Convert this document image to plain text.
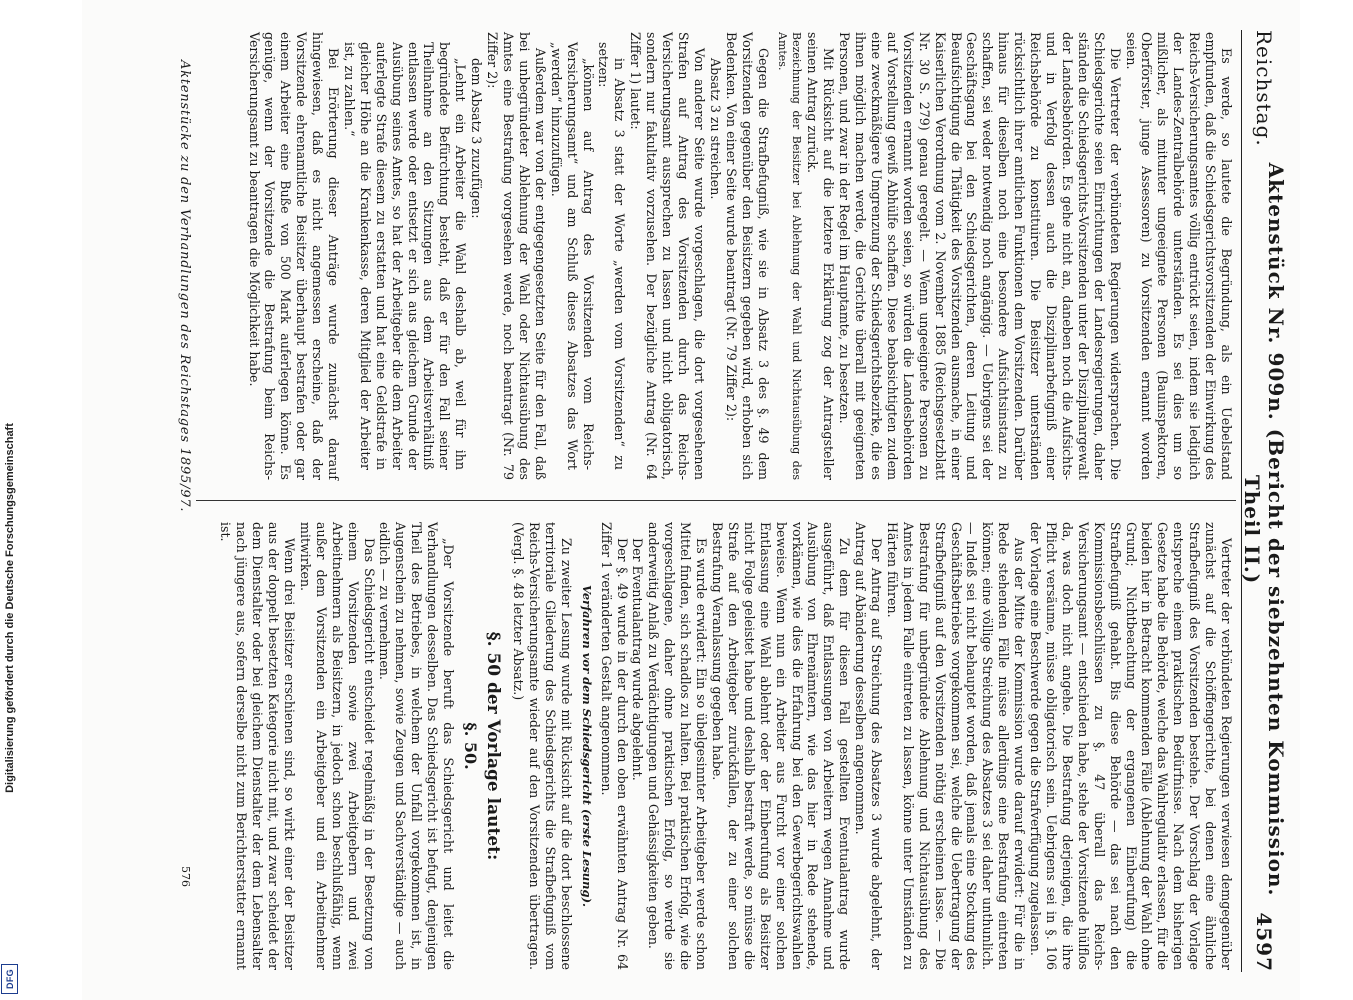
Reichstag.
Aktenstück Nr. 909n. (Bericht der siebzehnten Kommission. Theil II.)
4597

Es werde, so lautete die Begründung, als ein Uebelstand empfunden, daß die Schiedsgerichtsvorsitzenden der Einwirkung des Reichs-Versicherungsamtes völlig entrückt seien, indem sie lediglich der Landes-Zentralbehörde unterständen. Es sei dies um so mißlicher, als mitunter ungeeignete Personen (Bauinspektoren, Oberförster, junge Assessoren) zu Vorsitzenden ernannt worden seien.

Die Vertreter der verbündeten Regierungen widersprachen. Die Schiedsgerichte seien Einrichtungen der Landesregierungen, daher ständen die Schiedsgerichts-Vorsitzenden unter der Disziplinargewalt der Landesbehörden. Es gehe nicht an, daneben noch die Aufsichts- und in Verfolg dessen auch die Disziplinarbefugniß einer Reichsbehörde zu konstituiren. Die Beisitzer unterständen rücksichtlich ihrer amtlichen Funktionen dem Vorsitzenden. Darüber hinaus für dieselben noch eine besondere Aufsichtsinstanz zu schaffen, sei weder notwendig noch angängig. — Uebrigens sei der Geschäftsgang bei den Schiedsgerichten, deren Leitung und Beaufsichtigung die Thätigkeit des Vorsitzenden ausmache, in einer Kaiserlichen Verordnung vom 2. November 1885 (Reichsgesetzblatt Nr. 30 S. 279) genau geregelt. — Wenn ungeeignete Personen zu Vorsitzenden ernannt worden seien, so würden die Landesbehörden auf Vorstellung gewiß Abhülfe schaffen. Diese beabsichtigten zudem eine zweckmäßigere Umgrenzung der Schiedsgerichtsbezirke, die es ihnen möglich machen werde, die Gerichte überall mit geeigneten Personen, und zwar in der Regel im Hauptamte, zu besetzen.

Mit Rücksicht auf die letztere Erklärung zog der Antragsteller seinen Antrag zurück.

Bezeichnung der Beisitzer bei Ablehnung der Wahl und Nichtausübung des Amtes.

Gegen die Strafbefugniß, wie sie in Absatz 3 des §. 49 dem Vorsitzenden gegenüber den Beisitzern gegeben wird, erhoben sich Bedenken. Von einer Seite wurde beantragt (Nr. 79 Ziffer 2):

Absatz 3 zu streichen.

Von anderer Seite wurde vorgeschlagen, die dort vorgesehenen Strafen auf Antrag des Vorsitzenden durch das Reichs-Versicherungsamt aussprechen zu lassen und nicht obligatorisch, sondern nur fakultativ vorzusehen. Der bezügliche Antrag (Nr. 64 Ziffer 1) lautet:

in Absatz 3 statt der Worte „werden vom Vorsitzenden“ zu setzen:

„können auf Antrag des Vorsitzenden vom Reichs-Versicherungsamt“ und am Schluß dieses Absatzes das Wort „werden“ hinzuzufügen.

Außerdem war von der entgegengesetzten Seite für den Fall, daß bei unbegründeter Ablehnung der Wahl oder Nichtausübung des Amtes eine Bestrafung vorgesehen werde, noch beantragt (Nr. 79 Ziffer 2):

dem Absatz 3 zuzufügen:

„Lehnt ein Arbeiter die Wahl deshalb ab, weil für ihn begründete Befürchtung besteht, daß er für den Fall seiner Theilnahme an den Sitzungen aus dem Arbeitsverhältniß entlassen werde oder entsetzt er sich aus gleichem Grunde der Ausübung seines Amtes, so hat der Arbeitgeber die dem Arbeiter auferlegte Strafe diesem zu erstatten und hat eine Geldstrafe in gleicher Höhe an die Krankenkasse, deren Mitglied der Arbeiter ist, zu zahlen.“

Bei Erörterung dieser Anträge wurde zunächst darauf hingewiesen, daß es nicht angemessen erscheine, daß der Vorsitzende ehrenamtliche Beisitzer überhaupt bestrafen oder gar einem Arbeiter eine Buße von 500 Mark auferlegen könne. Es genüge, wenn der Vorsitzende die Bestrafung beim Reichs-Versicherungsamt zu beantragen die Möglichkeit habe.

Vertreter der verbündeten Regierungen verwiesen demgegenüber zunächst auf die Schöffengerichte, bei denen eine ähnliche Strafbefugniß des Vorsitzenden bestehe. Der Vorschlag der Vorlage entspreche einem praktischen Bedürfnisse. Nach dem bisherigen Gesetze habe die Behörde, welche das Wahlregulativ erlassen, für die beiden hier in Betracht kommenden Fälle (Ablehnung der Wahl ohne Grund; Nichtbeachtung der ergangenen Einberufung) die Strafbefugniß gehabt. Bis diese Behörde — das sei nach den Kommissionsbeschlüssen zu §. 47 überall das Reichs-Versicherungsamt — entschieden habe, stehe der Vorsitzende hülflos da, was doch nicht angehe. Die Bestrafung derjenigen, die ihre Pflicht versäume, müsse obligatorisch sein. Uebrigens sei in §. 106 der Vorlage eine Beschwerde gegen die Strafverfügung zugelassen.

Aus der Mitte der Kommission wurde darauf erwidert: Für die in Rede stehenden Fälle müsse allerdings eine Bestrafung eintreten können; eine völlige Streichung des Absatzes 3 sei daher unthunlich. — Indeß sei nicht behauptet worden, daß jemals eine Stockung des Geschäftsbetriebes vorgekommen sei, welche die Uebertragung der Strafbefugniß auf den Vorsitzenden nöthig erscheinen lasse. — Die Bestrafung für unbegründete Ablehnung und Nichtausübung des Amtes in jedem Falle eintreten zu lassen, könne unter Umständen zu Härten führen.

Der Antrag auf Streichung des Absatzes 3 wurde abgelehnt, der Antrag auf Abänderung desselben angenommen.

Zu dem für diesen Fall gestellten Eventualantrag wurde ausgeführt, daß Entlassungen von Arbeitern wegen Annahme und Ausübung von Ehrenämtern, wie das hier in Rede stehende, vorkämen, wie dies die Erfahrung bei den Gewerbegerichtswahlen beweise. Wenn nun ein Arbeiter aus Furcht vor einer solchen Entlassung eine Wahl ablehnt oder der Einberufung als Beisitzer nicht Folge geleistet habe und deshalb bestraft werde, so müsse die Strafe auf den Arbeitgeber zurückfallen, der zu einer solchen Bestrafung Veranlassung gegeben habe.

Es wurde erwidert: Ein so übelgesinnter Arbeitgeber werde schon Mittel finden, sich schadlos zu halten. Bei praktischen Erfolg, wie die vorgeschlagene, daher ohne praktischen Erfolg, so werde sie anderweitig Anlaß zu Verdächtigungen und Gehässigkeiten geben.

Der Eventualantrag wurde abgelehnt.

Der §. 49 wurde in der durch den oben erwähnten Antrag Nr. 64 Ziffer 1 veränderten Gestalt angenommen.

Verfahren vor dem Schiedsgericht (erste Lesung).

Zu zweiter Lesung wurde mit Rücksicht auf die dort beschlossene territoriale Gliederung des Schiedsgerichts die Strafbefugniß vom Reichs-Versicherungsamte wieder auf den Vorsitzenden übertragen. (Vergl. §. 48 letzter Absatz.)

§. 50 der Vorlage lautet:

§. 50.

„Der Vorsitzende beruft das Schiedsgericht und leitet die Verhandlungen desselben. Das Schiedsgericht ist befugt, denjenigen Theil des Betriebes, in welchem der Unfall vorgekommen ist, in Augenschein zu nehmen, sowie Zeugen und Sachverständige — auch eidlich — zu vernehmen.

Das Schiedsgericht entscheidet regelmäßig in der Besetzung von einem Vorsitzenden sowie zwei Arbeitgebern und zwei Arbeitnehmern als Beisitzern, in jedoch schon beschlußfähig, wenn außer dem Vorsitzenden ein Arbeitgeber und ein Arbeitnehmer mitwirken.

Wenn drei Beisitzer erschienen sind, so wirkt einer der Beisitzer aus der doppelt besetzten Kategorie nicht mit, und zwar scheidet der dem Dienstalter oder bei gleichem Dienstalter der dem Lebensalter nach jüngere aus, sofern derselbe nicht zum Berichterstatter ernannt ist.

Aktenstücke zu den Verhandlungen des Reichstages 1895/97.
576
Digitalisierung gefördert durch die Deutsche Forschungsgemeinschaft
DFG
